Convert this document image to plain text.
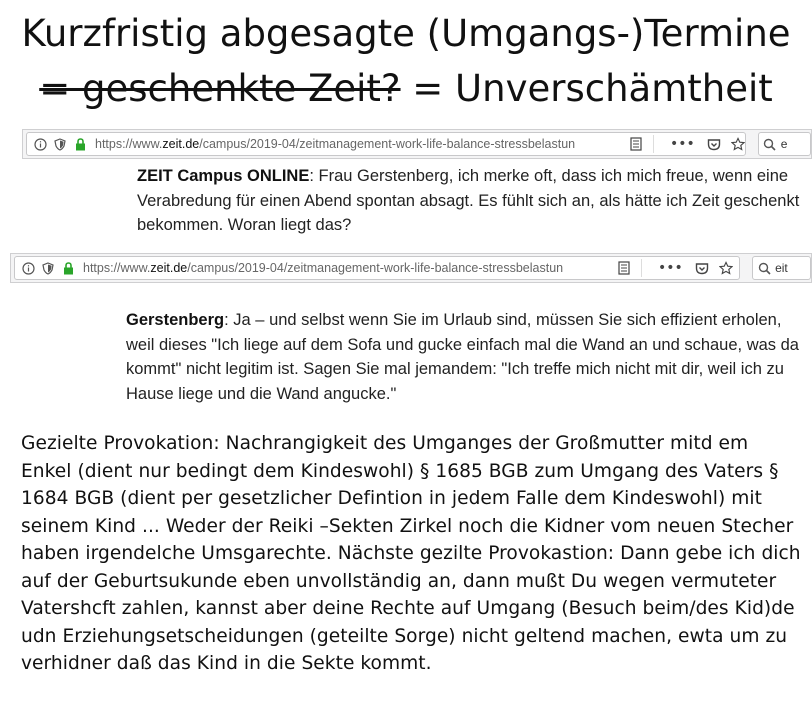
Kurzfristig abgesagte (Umgangs-)Termine
= geschenkte Zeit? = Unverschämtheit
https://www.zeit.de/campus/2019-04/zeitmanagement-work-life-balance-stressbelastun	•••	e

ZEIT Campus ONLINE: Frau Gerstenberg, ich merke oft, dass ich mich freue, wenn eine Verabredung für einen Abend spontan absagt. Es fühlt sich an, als hätte ich Zeit geschenkt bekommen. Woran liegt das?

https://www.zeit.de/campus/2019-04/zeitmanagement-work-life-balance-stressbelastun	•••	eit

Gerstenberg: Ja – und selbst wenn Sie im Urlaub sind, müssen Sie sich effizient erholen, weil dieses "Ich liege auf dem Sofa und gucke einfach mal die Wand an und schaue, was da kommt" nicht legitim ist. Sagen Sie mal jemandem: "Ich treffe mich nicht mit dir, weil ich zu Hause liege und die Wand angucke."

Gezielte Provokation: Nachrangigkeit des Umganges der Großmutter mitd em Enkel (dient nur bedingt dem Kindeswohl) § 1685 BGB zum Umgang des Vaters § 1684 BGB (dient per gesetzlicher Defintion in jedem Falle dem Kindeswohl) mit seinem Kind ... Weder der Reiki –Sekten Zirkel noch die Kidner vom neuen Stecher haben irgendelche Umsgarechte. Nächste gezilte Provokastion: Dann gebe ich dich auf der Geburtsukunde eben unvollständig an, dann mußt Du wegen vermuteter Vatershcft zahlen, kannst aber deine Rechte auf Umgang (Besuch beim/des Kid)de udn Erziehungsetscheidungen (geteilte Sorge) nicht geltend machen, ewta um zu verhidner daß das Kind in die Sekte kommt.
